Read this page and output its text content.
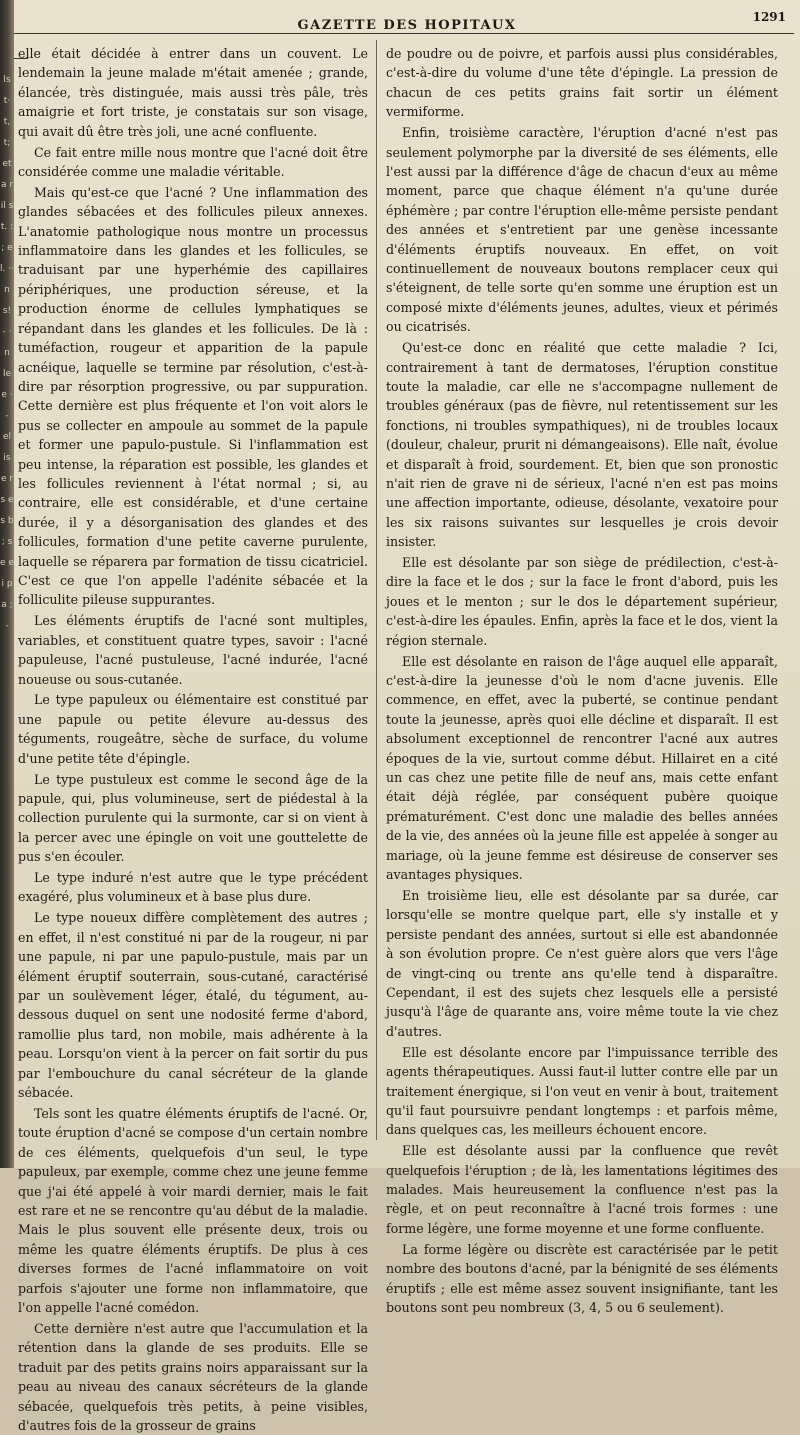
ls t· t, t; et a r il s t. : ; e l. ·· n s! - · n le e · - el is e r s e s b ; s e e i p a ; -
GAZETTE DES HOPITAUX
1291

elle était décidée à entrer dans un couvent. Le lendemain la jeune malade m'était amenée ; grande, élancée, très distinguée, mais aussi très pâle, très amaigrie et fort triste, je constatais sur son visage, qui avait dû être très joli, une acné confluente.

Ce fait entre mille nous montre que l'acné doit être considérée comme une maladie véritable.

Mais qu'est-ce que l'acné ? Une inflammation des glandes sébacées et des follicules pileux annexes. L'anatomie pathologique nous montre un processus inflammatoire dans les glandes et les follicules, se traduisant par une hyperhémie des capillaires périphériques, une production séreuse, et la production énorme de cellules lymphatiques se répandant dans les glandes et les follicules. De là : tuméfaction, rougeur et apparition de la papule acnéique, laquelle se termine par résolution, c'est-à-dire par résorption progressive, ou par suppuration. Cette dernière est plus fréquente et l'on voit alors le pus se collecter en ampoule au sommet de la papule et former une papulo-pustule. Si l'inflammation est peu intense, la réparation est possible, les glandes et les follicules reviennent à l'état normal ; si, au contraire, elle est considérable, et d'une certaine durée, il y a désorganisation des glandes et des follicules, formation d'une petite caverne purulente, laquelle se réparera par formation de tissu cicatriciel. C'est ce que l'on appelle l'adénite sébacée et la folliculite pileuse suppurantes.

Les éléments éruptifs de l'acné sont multiples, variables, et constituent quatre types, savoir : l'acné papuleuse, l'acné pustuleuse, l'acné indurée, l'acné noueuse ou sous-cutanée.

Le type papuleux ou élémentaire est constitué par une papule ou petite élevure au-dessus des téguments, rougeâtre, sèche de surface, du volume d'une petite tête d'épingle.

Le type pustuleux est comme le second âge de la papule, qui, plus volumineuse, sert de piédestal à la collection purulente qui la surmonte, car si on vient à la percer avec une épingle on voit une gouttelette de pus s'en écouler.

Le type induré n'est autre que le type précédent exagéré, plus volumineux et à base plus dure.

Le type noueux diffère complètement des autres ; en effet, il n'est constitué ni par de la rougeur, ni par une papule, ni par une papulo-pustule, mais par un élément éruptif souterrain, sous-cutané, caractérisé par un soulèvement léger, étalé, du tégument, au-dessous duquel on sent une nodosité ferme d'abord, ramollie plus tard, non mobile, mais adhérente à la peau. Lorsqu'on vient à la percer on fait sortir du pus par l'embouchure du canal sécréteur de la glande sébacée.

Tels sont les quatre éléments éruptifs de l'acné. Or, toute éruption d'acné se compose d'un certain nombre de ces éléments, quelquefois d'un seul, le type papuleux, par exemple, comme chez une jeune femme que j'ai été appelé à voir mardi dernier, mais le fait est rare et ne se rencontre qu'au début de la maladie. Mais le plus souvent elle présente deux, trois ou même les quatre éléments éruptifs. De plus à ces diverses formes de l'acné inflammatoire on voit parfois s'ajouter une forme non inflammatoire, que l'on appelle l'acné comédon.

Cette dernière n'est autre que l'accumulation et la rétention dans la glande de ses produits. Elle se traduit par des petits grains noirs apparaissant sur la peau au niveau des canaux sécréteurs de la glande sébacée, quelquefois très petits, à peine visibles, d'autres fois de la grosseur de grains

de poudre ou de poivre, et parfois aussi plus considérables, c'est-à-dire du volume d'une tête d'épingle. La pression de chacun de ces petits grains fait sortir un élément vermiforme.

Enfin, troisième caractère, l'éruption d'acné n'est pas seulement polymorphe par la diversité de ses éléments, elle l'est aussi par la différence d'âge de chacun d'eux au même moment, parce que chaque élément n'a qu'une durée éphémère ; par contre l'éruption elle-même persiste pendant des années et s'entretient par une genèse incessante d'éléments éruptifs nouveaux. En effet, on voit continuellement de nouveaux boutons remplacer ceux qui s'éteignent, de telle sorte qu'en somme une éruption est un composé mixte d'éléments jeunes, adultes, vieux et périmés ou cicatrisés.

Qu'est-ce donc en réalité que cette maladie ? Ici, contrairement à tant de dermatoses, l'éruption constitue toute la maladie, car elle ne s'accompagne nullement de troubles généraux (pas de fièvre, nul retentissement sur les fonctions, ni troubles sympathiques), ni de troubles locaux (douleur, chaleur, prurit ni démangeaisons). Elle naît, évolue et disparaît à froid, sourdement. Et, bien que son pronostic n'ait rien de grave ni de sérieux, l'acné n'en est pas moins une affection importante, odieuse, désolante, vexatoire pour les six raisons suivantes sur lesquelles je crois devoir insister.

Elle est désolante par son siège de prédilection, c'est-à-dire la face et le dos ; sur la face le front d'abord, puis les joues et le menton ; sur le dos le département supérieur, c'est-à-dire les épaules. Enfin, après la face et le dos, vient la région sternale.

Elle est désolante en raison de l'âge auquel elle apparaît, c'est-à-dire la jeunesse d'où le nom d'acne juvenis. Elle commence, en effet, avec la puberté, se continue pendant toute la jeunesse, après quoi elle décline et disparaît. Il est absolument exceptionnel de rencontrer l'acné aux autres époques de la vie, surtout comme début. Hillairet en a cité un cas chez une petite fille de neuf ans, mais cette enfant était déjà réglée, par conséquent pubère quoique prématurément. C'est donc une maladie des belles années de la vie, des années où la jeune fille est appelée à songer au mariage, où la jeune femme est désireuse de conserver ses avantages physiques.

En troisième lieu, elle est désolante par sa durée, car lorsqu'elle se montre quelque part, elle s'y installe et y persiste pendant des années, surtout si elle est abandonnée à son évolution propre. Ce n'est guère alors que vers l'âge de vingt-cinq ou trente ans qu'elle tend à disparaître. Cependant, il est des sujets chez lesquels elle a persisté jusqu'à l'âge de quarante ans, voire même toute la vie chez d'autres.

Elle est désolante encore par l'impuissance terrible des agents thérapeutiques. Aussi faut-il lutter contre elle par un traitement énergique, si l'on veut en venir à bout, traitement qu'il faut poursuivre pendant longtemps : et parfois même, dans quelques cas, les meilleurs échouent encore.

Elle est désolante aussi par la confluence que revêt quelquefois l'éruption ; de là, les lamentations légitimes des malades. Mais heureusement la confluence n'est pas la règle, et on peut reconnaître à l'acné trois formes : une forme légère, une forme moyenne et une forme confluente.

La forme légère ou discrète est caractérisée par le petit nombre des boutons d'acné, par la bénignité de ses éléments éruptifs ; elle est même assez souvent insignifiante, tant les boutons sont peu nombreux (3, 4, 5 ou 6 seulement).
